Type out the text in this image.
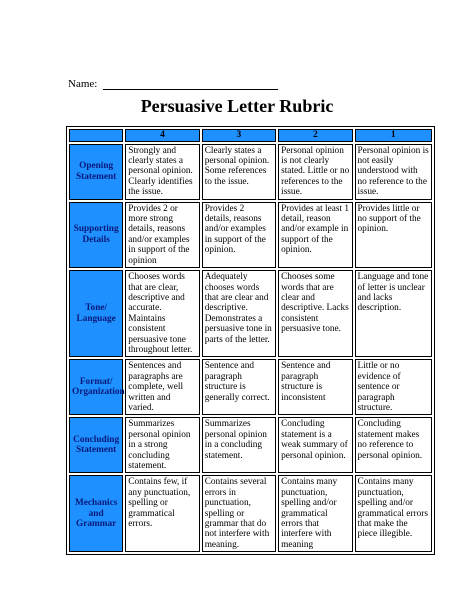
Name:
Persuasive Letter Rubric
	4	3	2	1
Opening Statement	Strongly and clearly states a personal opinion. Clearly identifies the issue.	Clearly states a personal opinion. Some references to the issue.	Personal opinion is not clearly stated. Little or no references to the issue.	Personal opinion is not easily understood with no reference to the issue.
Supporting Details	Provides 2 or more strong details, reasons and/or examples in support of the opinion	Provides 2 details, reasons and/or examples in support of the opinion.	Provides at least 1 detail, reason and/or example in support of the opinion.	Provides little or no support of the opinion.
Tone/ Language	Chooses words that are clear, descriptive and accurate. Maintains consistent persuasive tone throughout letter.	Adequately chooses words that are clear and descriptive. Demonstrates a persuasive tone in parts of the letter.	Chooses some words that are clear and descriptive. Lacks consistent persuasive tone.	Language and tone of letter is unclear and lacks description.
Format/ Organization	Sentences and paragraphs are complete, well written and varied.	Sentence and paragraph structure is generally correct.	Sentence and paragraph structure is inconsistent	Little or no evidence of sentence or paragraph structure.
Concluding Statement	Summarizes personal opinion in a strong concluding statement.	Summarizes personal opinion in a concluding statement.	Concluding statement is a weak summary of personal opinion.	Concluding statement makes no reference to personal opinion.
Mechanics and Grammar	Contains few, if any punctuation, spelling or grammatical errors.	Contains several errors in punctuation, spelling or grammar that do not interfere with meaning.	Contains many punctuation, spelling and/or grammatical errors that interfere with meaning	Contains many punctuation, spelling and/or grammatical errors that make the piece illegible.
